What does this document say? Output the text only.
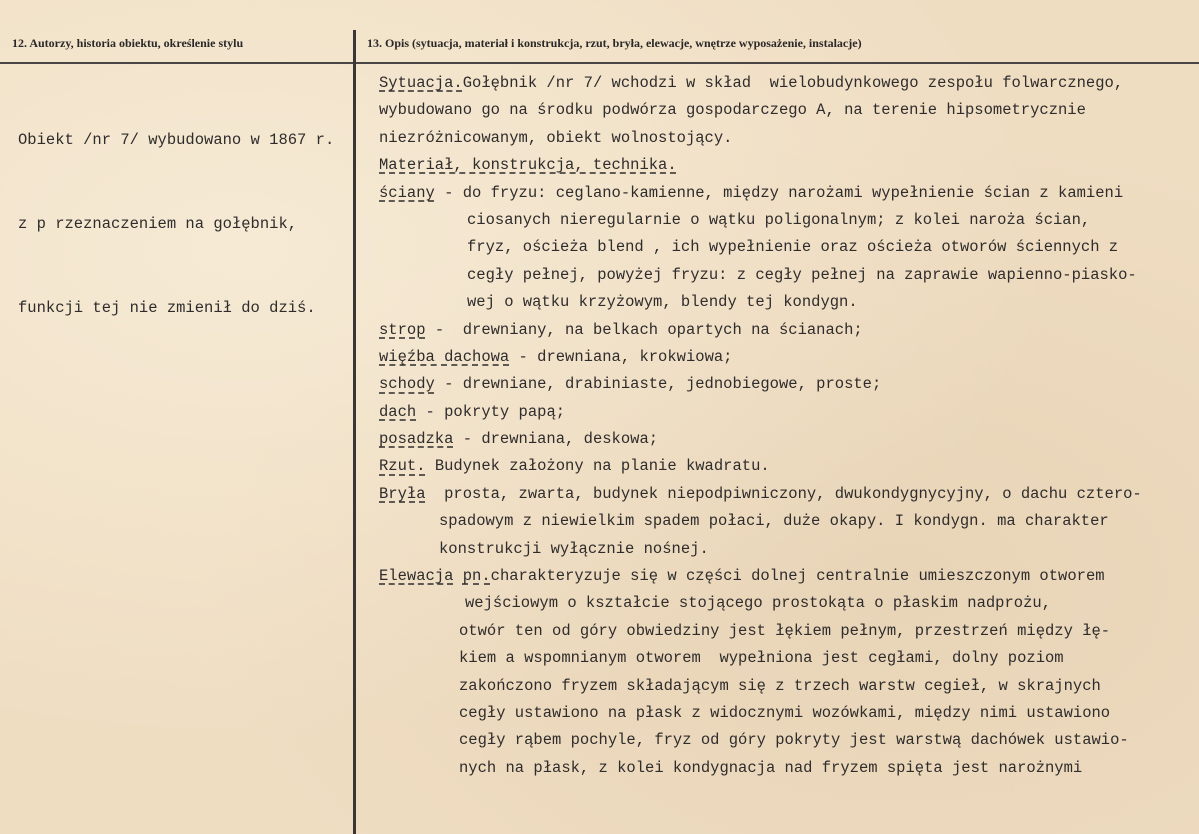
12. Autorzy, historia obiektu, określenie stylu	13. Opis (sytuacja, materiał i konstrukcja, rzut, bryła, elewacje, wnętrze wyposażenie, instalacje)

Obiekt /nr 7/ wybudowano w 1867 r.

z p rzeznaczeniem na gołębnik,

funkcji tej nie zmienił do dziś.

Sytuacja.Gołębnik /nr 7/ wchodzi w skład  wielobudynkowego zespołu folwarcznego,
wybudowano go na środku podwórza gospodarczego A, na terenie hipsometrycznie
niezróżnicowanym, obiekt wolnostojący.
Materiał, konstrukcja, technika.
ściany - do fryzu: ceglano-kamienne, między narożami wypełnienie ścian z kamieni
ciosanych nieregularnie o wątku poligonalnym; z kolei naroża ścian,
fryz, ościeża blend , ich wypełnienie oraz ościeża otworów ściennych z
cegły pełnej, powyżej fryzu: z cegły pełnej na zaprawie wapienno-piasko-
wej o wątku krzyżowym, blendy tej kondygn.
strop -  drewniany, na belkach opartych na ścianach;
więźba dachowa - drewniana, krokwiowa;
schody - drewniane, drabiniaste, jednobiegowe, proste;
dach - pokryty papą;
posadzka - drewniana, deskowa;
Rzut. Budynek założony na planie kwadratu.
Bryła  prosta, zwarta, budynek niepodpiwniczony, dwukondygnycyjny, o dachu cztero-
spadowym z niewielkim spadem połaci, duże okapy. I kondygn. ma charakter
konstrukcji wyłącznie nośnej.
Elewacja pn.charakteryzuje się w części dolnej centralnie umieszczonym otworem
wejściowym o kształcie stojącego prostokąta o płaskim nadprożu,
otwór ten od góry obwiedziny jest łękiem pełnym, przestrzeń między łę-
kiem a wspomnianym otworem  wypełniona jest cegłami, dolny poziom
zakończono fryzem składającym się z trzech warstw cegieł, w skrajnych
cegły ustawiono na płask z widocznymi wozówkami, między nimi ustawiono
cegły rąbem pochyle, fryz od góry pokryty jest warstwą dachówek ustawio-
nych na płask, z kolei kondygnacja nad fryzem spięta jest narożnymi
